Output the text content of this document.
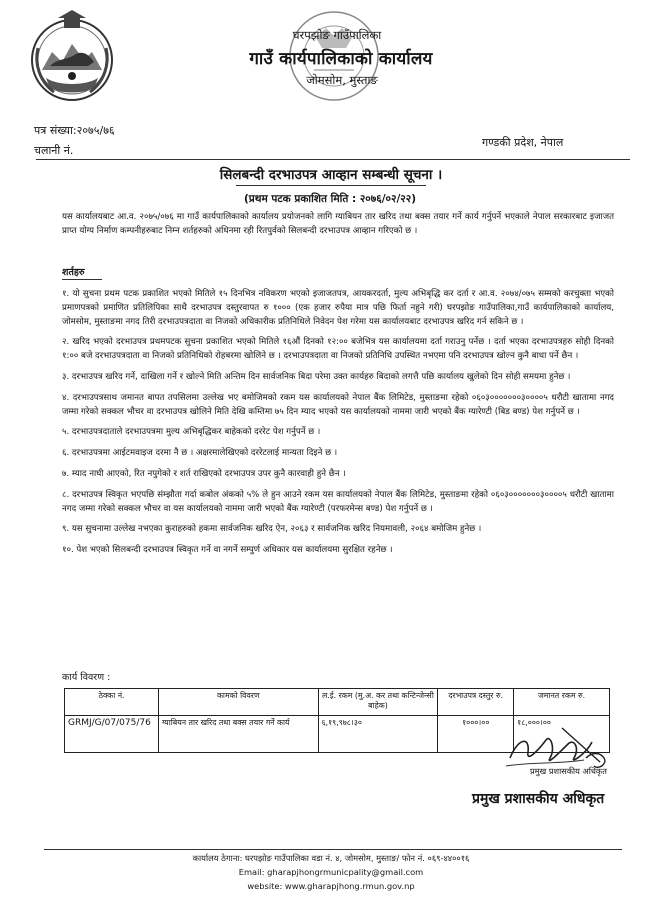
घरपझोङ गाउँपालिका
गाउँ कार्यपालिकाको कार्यालय
जोमसोम, मुस्ताङ
पत्र संख्या:२०७५/७६
चलानी नं.
गण्डकी प्रदेश, नेपाल
सिलबन्दी दरभाउपत्र आव्हान सम्बन्धी सूचना ।
(प्रथम पटक प्रकाशित मिति : २०७६/०२/२२)
यस कार्यालयबाट आ.व. २०७५/०७६ मा गाउँ कार्यपालिकाको कार्यालय प्रयोजनको लागि ग्याबियन तार खरिद तथा बक्स तयार गर्ने कार्य गर्नुपर्ने भएकाले नेपाल सरकारबाट इजाजत प्राप्त योग्य निर्माण कम्पनीहरुबाट निम्न शर्तहरुको अधिनमा रही रितपुर्वको सिलबन्दी दरभाउपत्र आव्हान गरिएको छ ।
शर्तहरु

१. यो सुचना प्रथम पटक प्रकाशित भएको मितिले १५ दिनभित्र नविकरण भएको इजाजतपत्र, आयकरदर्ता, मुल्य अभिबृद्धि कर दर्ता र आ.व. २०७४/०७५ सम्मको करचुक्ता भएको प्रमाणपत्रको प्रमाणित प्रतिलिपिका साथै दरभाउपत्र दस्तुरवापत रु १००० (एक हजार रुपैया मात्र पछि फिर्ता नहुने गरी) घरपझोङ गाउँपालिका,गाउँ कार्यपालिकाको कार्यालय, जोमसोम, मुस्ताङमा नगद तिरी दरभाउपत्रदाता वा निजको अधिकारीक प्रतिनिधिले निवेदन पेश गरेमा यस कार्यालयबाट दरभाउपत्र खरिद गर्न सकिने छ ।

२. खरिद भएको दरभाउपत्र प्रथमपटक सुचना प्रकाशित भएको मितिले १६औं दिनको १२:०० बजेभित्र यस कार्यालयमा दर्ता गराउनु पर्नेछ । दर्ता भएका दरभाउपत्रहरु सोही दिनको १:०० बजे दरभाउपत्रदाता वा निजको प्रतिनिधिको रोहबरमा खोलिने छ । दरभाउपत्रदाता वा निजको प्रतिनिधि उपस्थित नभएमा पनि दरभाउपत्र खोल्न कुनै बाधा पर्ने छैन ।

३. दरभाउपत्र खरिद गर्ने, दाखिला गर्ने र खोल्ने मिति अन्तिम दिन सार्वजनिक बिदा परेमा उक्त कार्यहरु बिदाको लगत्तै पछि कार्यालय खुलेको दिन सोही समयमा हुनेछ ।

४. दरभाउपत्रसाथ जमानत बापत तपसिलमा उल्लेख भए बमोजिमको रकम यस कार्यालयको नेपाल बैंक लिमिटेड, मुस्ताङमा रहेको ०६०३०००००००३००००५ धरौटी खातामा नगद जम्मा गरेको सक्कल भौचर वा दरभाउपत्र खोलिने मिति देखि कम्तिमा ७५ दिन म्याद भएको यस कार्यालयको नाममा जारी भएको बैंक ग्यारेण्टी (बिड बण्ड) पेश गर्नुपर्ने छ ।

५. दरभाउपत्रदाताले दरभाउपत्रमा मुल्य अभिबृद्धिकर बाहेकको दररेट पेश गर्नुपर्ने छ ।

६. दरभाउपत्रमा आईटमवाइज दरमा नै छ । अक्षरमालेखिएको दररेटलाई मान्यता दिइने छ ।

७. म्याद नाघी आएको, रित नपुगेको र शर्त राखिएको दरभाउपत्र उपर कुनै कारवाही हुने छैन ।

८. दरभाउपत्र स्विकृत भएपछि संम्झौता गर्दा कबोल अंकको ५% ले हुन आउने रकम यस कार्यालयको नेपाल बैंक लिमिटेड, मुस्ताङमा रहेको ०६०३०००००००३००००५ धरौटी खातामा नगद जम्मा गरेको सक्कल भौचर वा यस कार्यालयको नाममा जारी भएको बैंक ग्यारेण्टी (परफरमेन्स बण्ड) पेश गर्नुपर्ने छ ।

९. यस सुचनामा उल्लेख नभएका कुराहरुको हकमा सार्वजनिक खरिद ऐन, २०६३ र सार्वजनिक खरिद नियमावली, २०६४ बमोजिम हुनेछ ।

१०. पेश भएको सिलबन्दी दरभाउपत्र स्विकृत गर्ने वा नगर्ने सम्पुर्ण अधिकार यस कार्यालयमा सुरक्षित रहनेछ ।

कार्य विवरण :
ठेक्का नं.	कामको विवरण	ल.ई. रकम (मु.अ. कर तथा कन्टिन्जेन्सी बाहेक)	दरभाउपत्र दस्तुर रु.	जमानत रकम रु.
GRMJ/G/07/075/76	ग्याबियन तार खरिद तथा बक्स तयार गर्ने कार्य	६,१९,९७८।३०	१०००।००	१८,०००।००
प्रमुख प्रशासकीय अधिकृत
प्रमुख प्रशासकीय अधिकृत
कार्यालय ठेगाना: घरपझोङ गाउँपालिका वडा नं. ४, जोमसोम, मुस्ताङ/ फोन नं. ०६९-४४००१६
Email: gharapjhongrmunicpality@gmail.com
website: www.gharapjhong.rmun.gov.np
